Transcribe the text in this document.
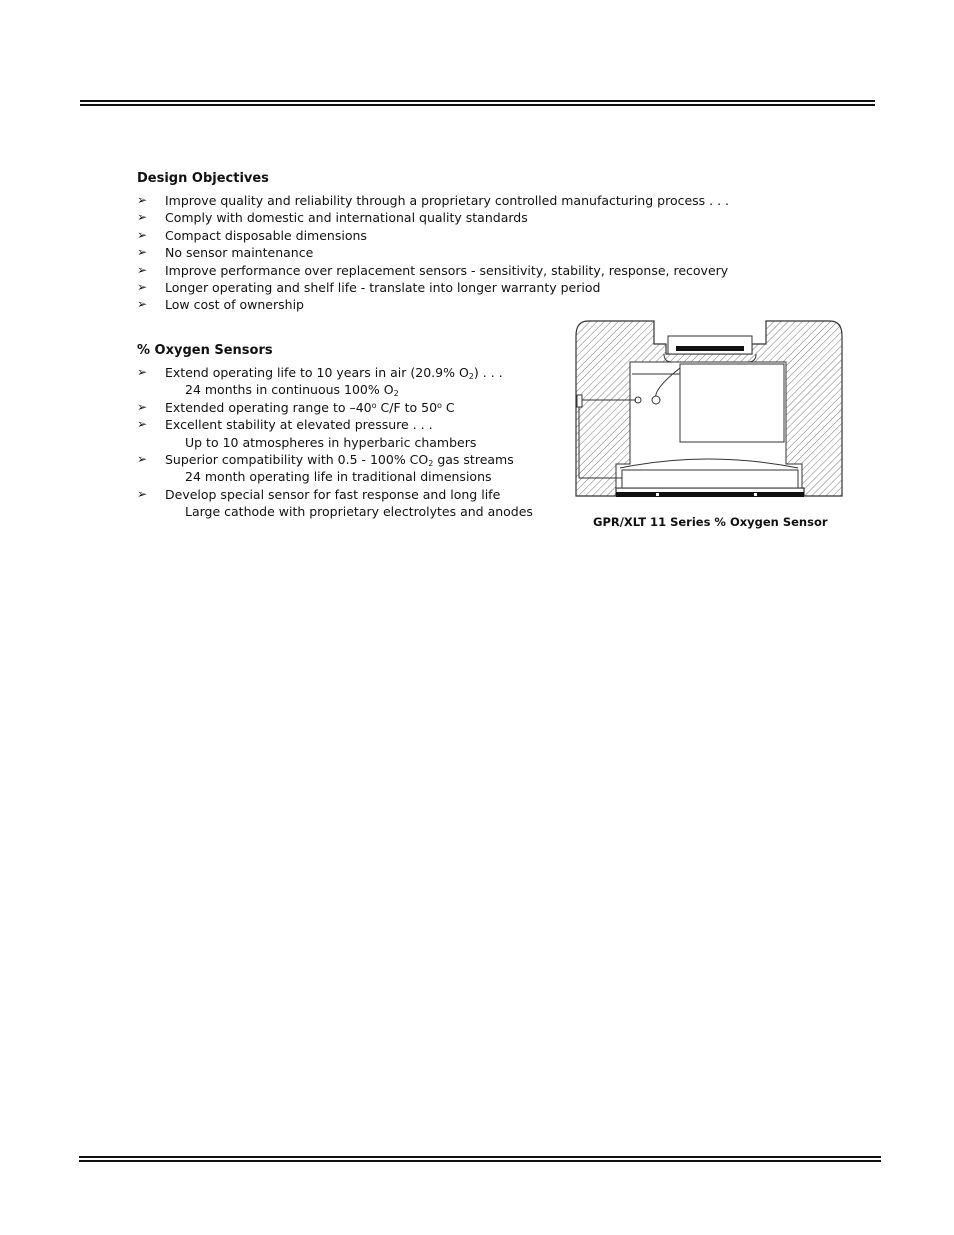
Design Objectives
➢ Improve quality and reliability through a proprietary controlled manufacturing process . . .
➢ Comply with domestic and international quality standards
➢ Compact disposable dimensions
➢ No sensor maintenance
➢ Improve performance over replacement sensors - sensitivity, stability, response, recovery
➢ Longer operating and shelf life - translate into longer warranty period
➢ Low cost of ownership
% Oxygen Sensors
➢ Extend operating life to 10 years in air (20.9% $O_2$) . . .
24 months in continuous 100% $O_2$
➢ Extended operating range to –40$^o$ C/F to 50$^o$ C
➢ Excellent stability at elevated pressure . . .
Up to 10 atmospheres in hyperbaric chambers
➢ Superior compatibility with 0.5 - 100% $CO_2$ gas streams
24 month operating life in traditional dimensions
➢ Develop special sensor for fast response and long life
Large cathode with proprietary electrolytes and anodes
GPR/XLT 11 Series % Oxygen Sensor
